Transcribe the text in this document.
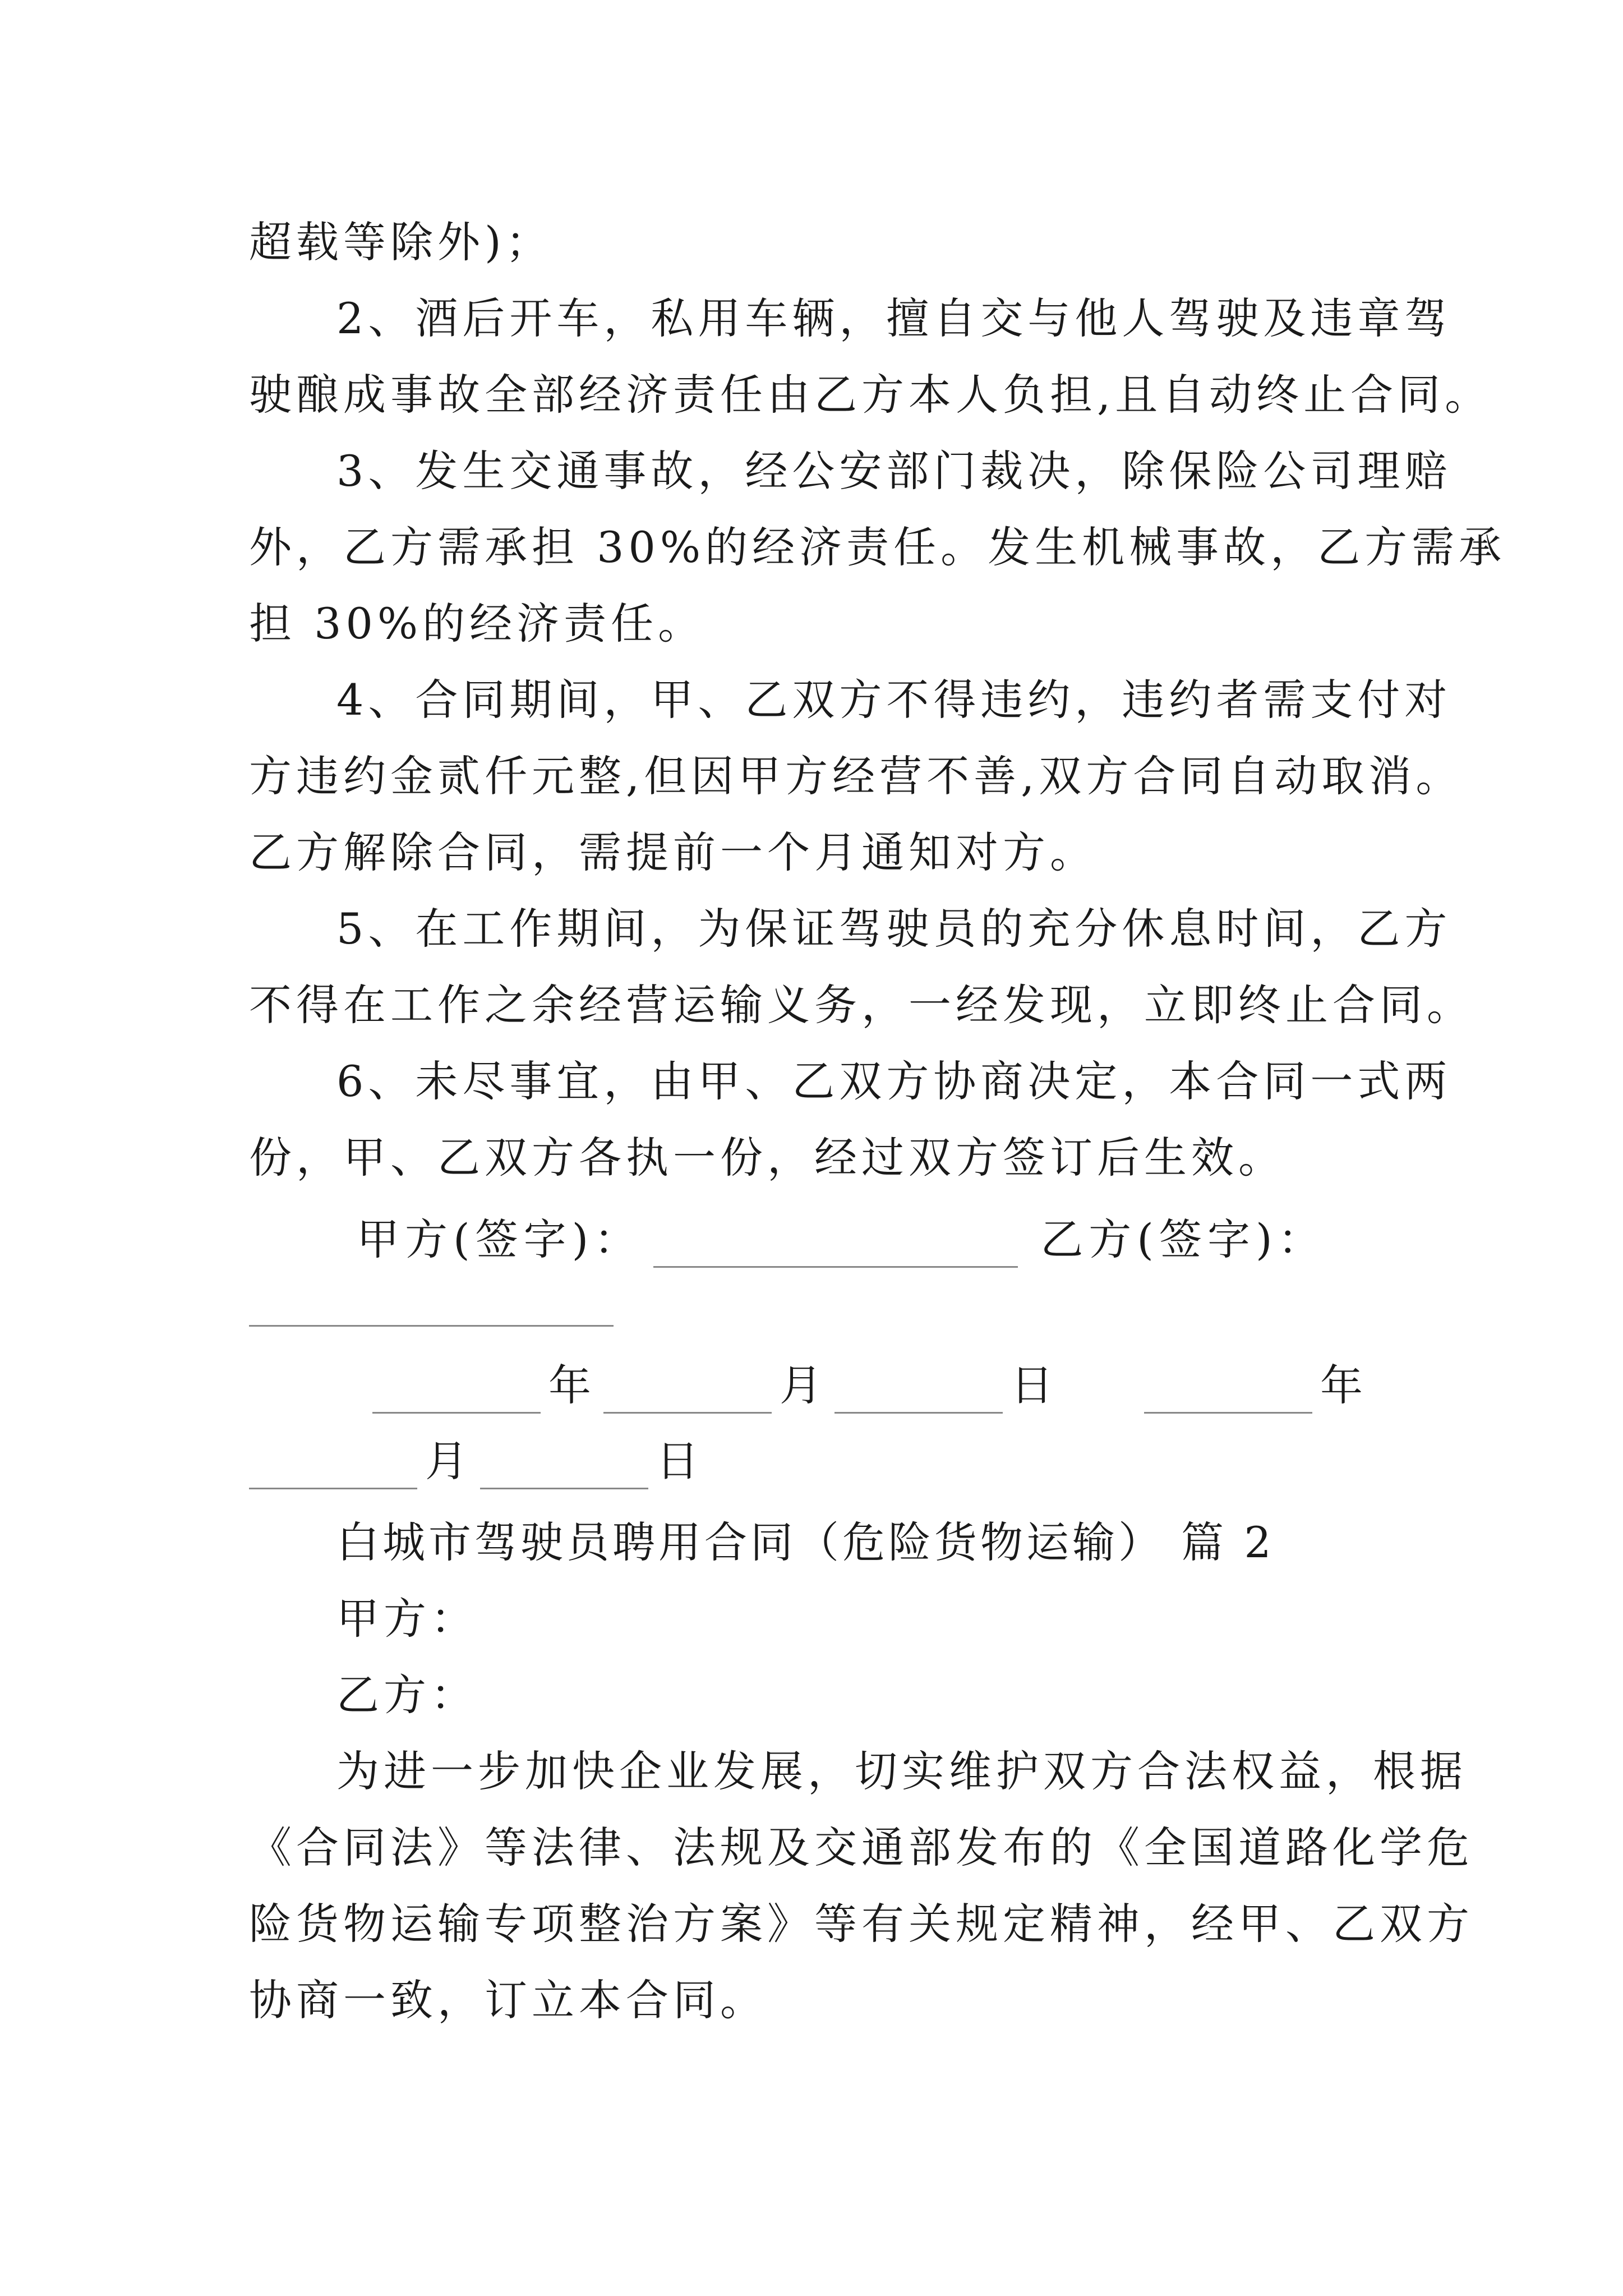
超载等除外)；
2、酒后开车，私用车辆，擅自交与他人驾驶及违章驾
驶酿成事故全部经济责任由乙方本人负担,且自动终止合同。
3、发生交通事故，经公安部门裁决，除保险公司理赔
外，乙方需承担 30%的经济责任。发生机械事故，乙方需承
担 30%的经济责任。
4、合同期间，甲、乙双方不得违约，违约者需支付对
方违约金贰仟元整,但因甲方经营不善,双方合同自动取消。
乙方解除合同，需提前一个月通知对方。
5、在工作期间，为保证驾驶员的充分休息时间，乙方
不得在工作之余经营运输义务，一经发现，立即终止合同。
6、未尽事宜，由甲、乙双方协商决定，本合同一式两
份，甲、乙双方各执一份，经过双方签订后生效。
甲方(签字)：	乙方(签字)：
年	月	日	年
月	日
白城市驾驶员聘用合同（危险货物运输） 篇 2
甲方：
乙方：
为进一步加快企业发展，切实维护双方合法权益，根据
《合同法》等法律、法规及交通部发布的《全国道路化学危
险货物运输专项整治方案》等有关规定精神，经甲、乙双方
协商一致，订立本合同。
